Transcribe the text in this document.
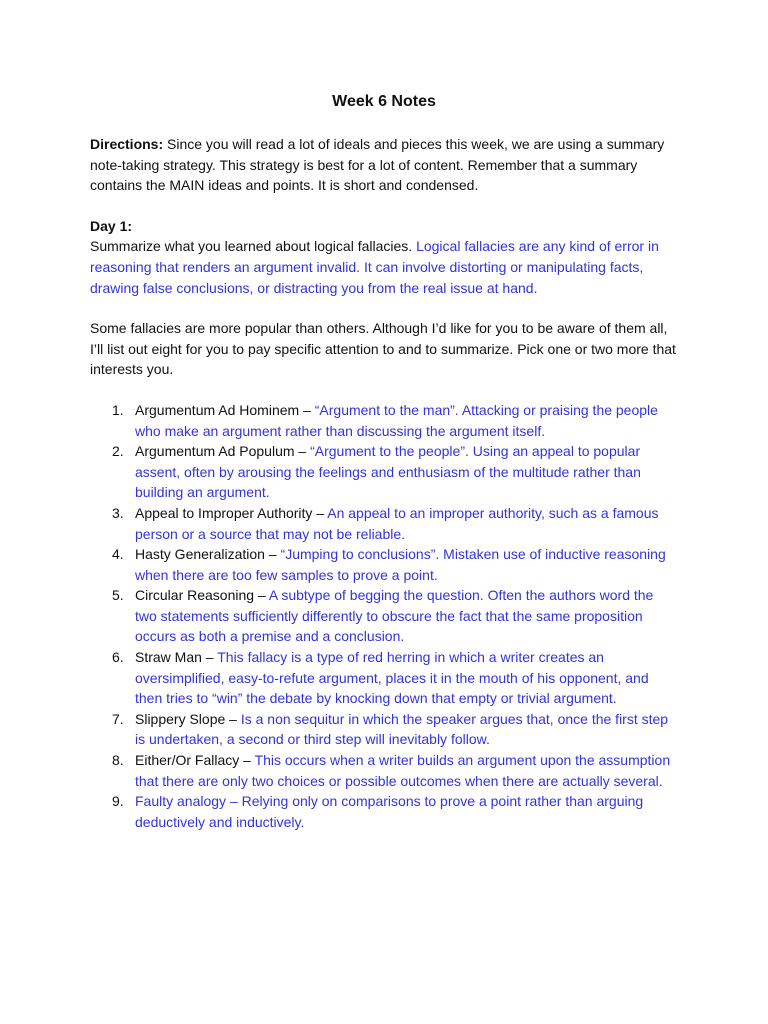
Week 6 Notes

Directions: Since you will read a lot of ideals and pieces this week, we are using a summary note-taking strategy. This strategy is best for a lot of content. Remember that a summary contains the MAIN ideas and points. It is short and condensed.

Day 1:

Summarize what you learned about logical fallacies. Logical fallacies are any kind of error in reasoning that renders an argument invalid. It can involve distorting or manipulating facts, drawing false conclusions, or distracting you from the real issue at hand.

Some fallacies are more popular than others. Although I’d like for you to be aware of them all, I’ll list out eight for you to pay specific attention to and to summarize. Pick one or two more that interests you.

1. Argumentum Ad Hominem – “Argument to the man”. Attacking or praising the people who make an argument rather than discussing the argument itself.
2. Argumentum Ad Populum – “Argument to the people”. Using an appeal to popular assent, often by arousing the feelings and enthusiasm of the multitude rather than building an argument.
3. Appeal to Improper Authority – An appeal to an improper authority, such as a famous person or a source that may not be reliable.
4. Hasty Generalization – “Jumping to conclusions”. Mistaken use of inductive reasoning when there are too few samples to prove a point.
5. Circular Reasoning – A subtype of begging the question. Often the authors word the two statements sufficiently differently to obscure the fact that the same proposition occurs as both a premise and a conclusion.
6. Straw Man – This fallacy is a type of red herring in which a writer creates an oversimplified, easy-to-refute argument, places it in the mouth of his opponent, and then tries to “win” the debate by knocking down that empty or trivial argument.
7. Slippery Slope – Is a non sequitur in which the speaker argues that, once the first step is undertaken, a second or third step will inevitably follow.
8. Either/Or Fallacy – This occurs when a writer builds an argument upon the assumption that there are only two choices or possible outcomes when there are actually several.
9. Faulty analogy – Relying only on comparisons to prove a point rather than arguing deductively and inductively.
